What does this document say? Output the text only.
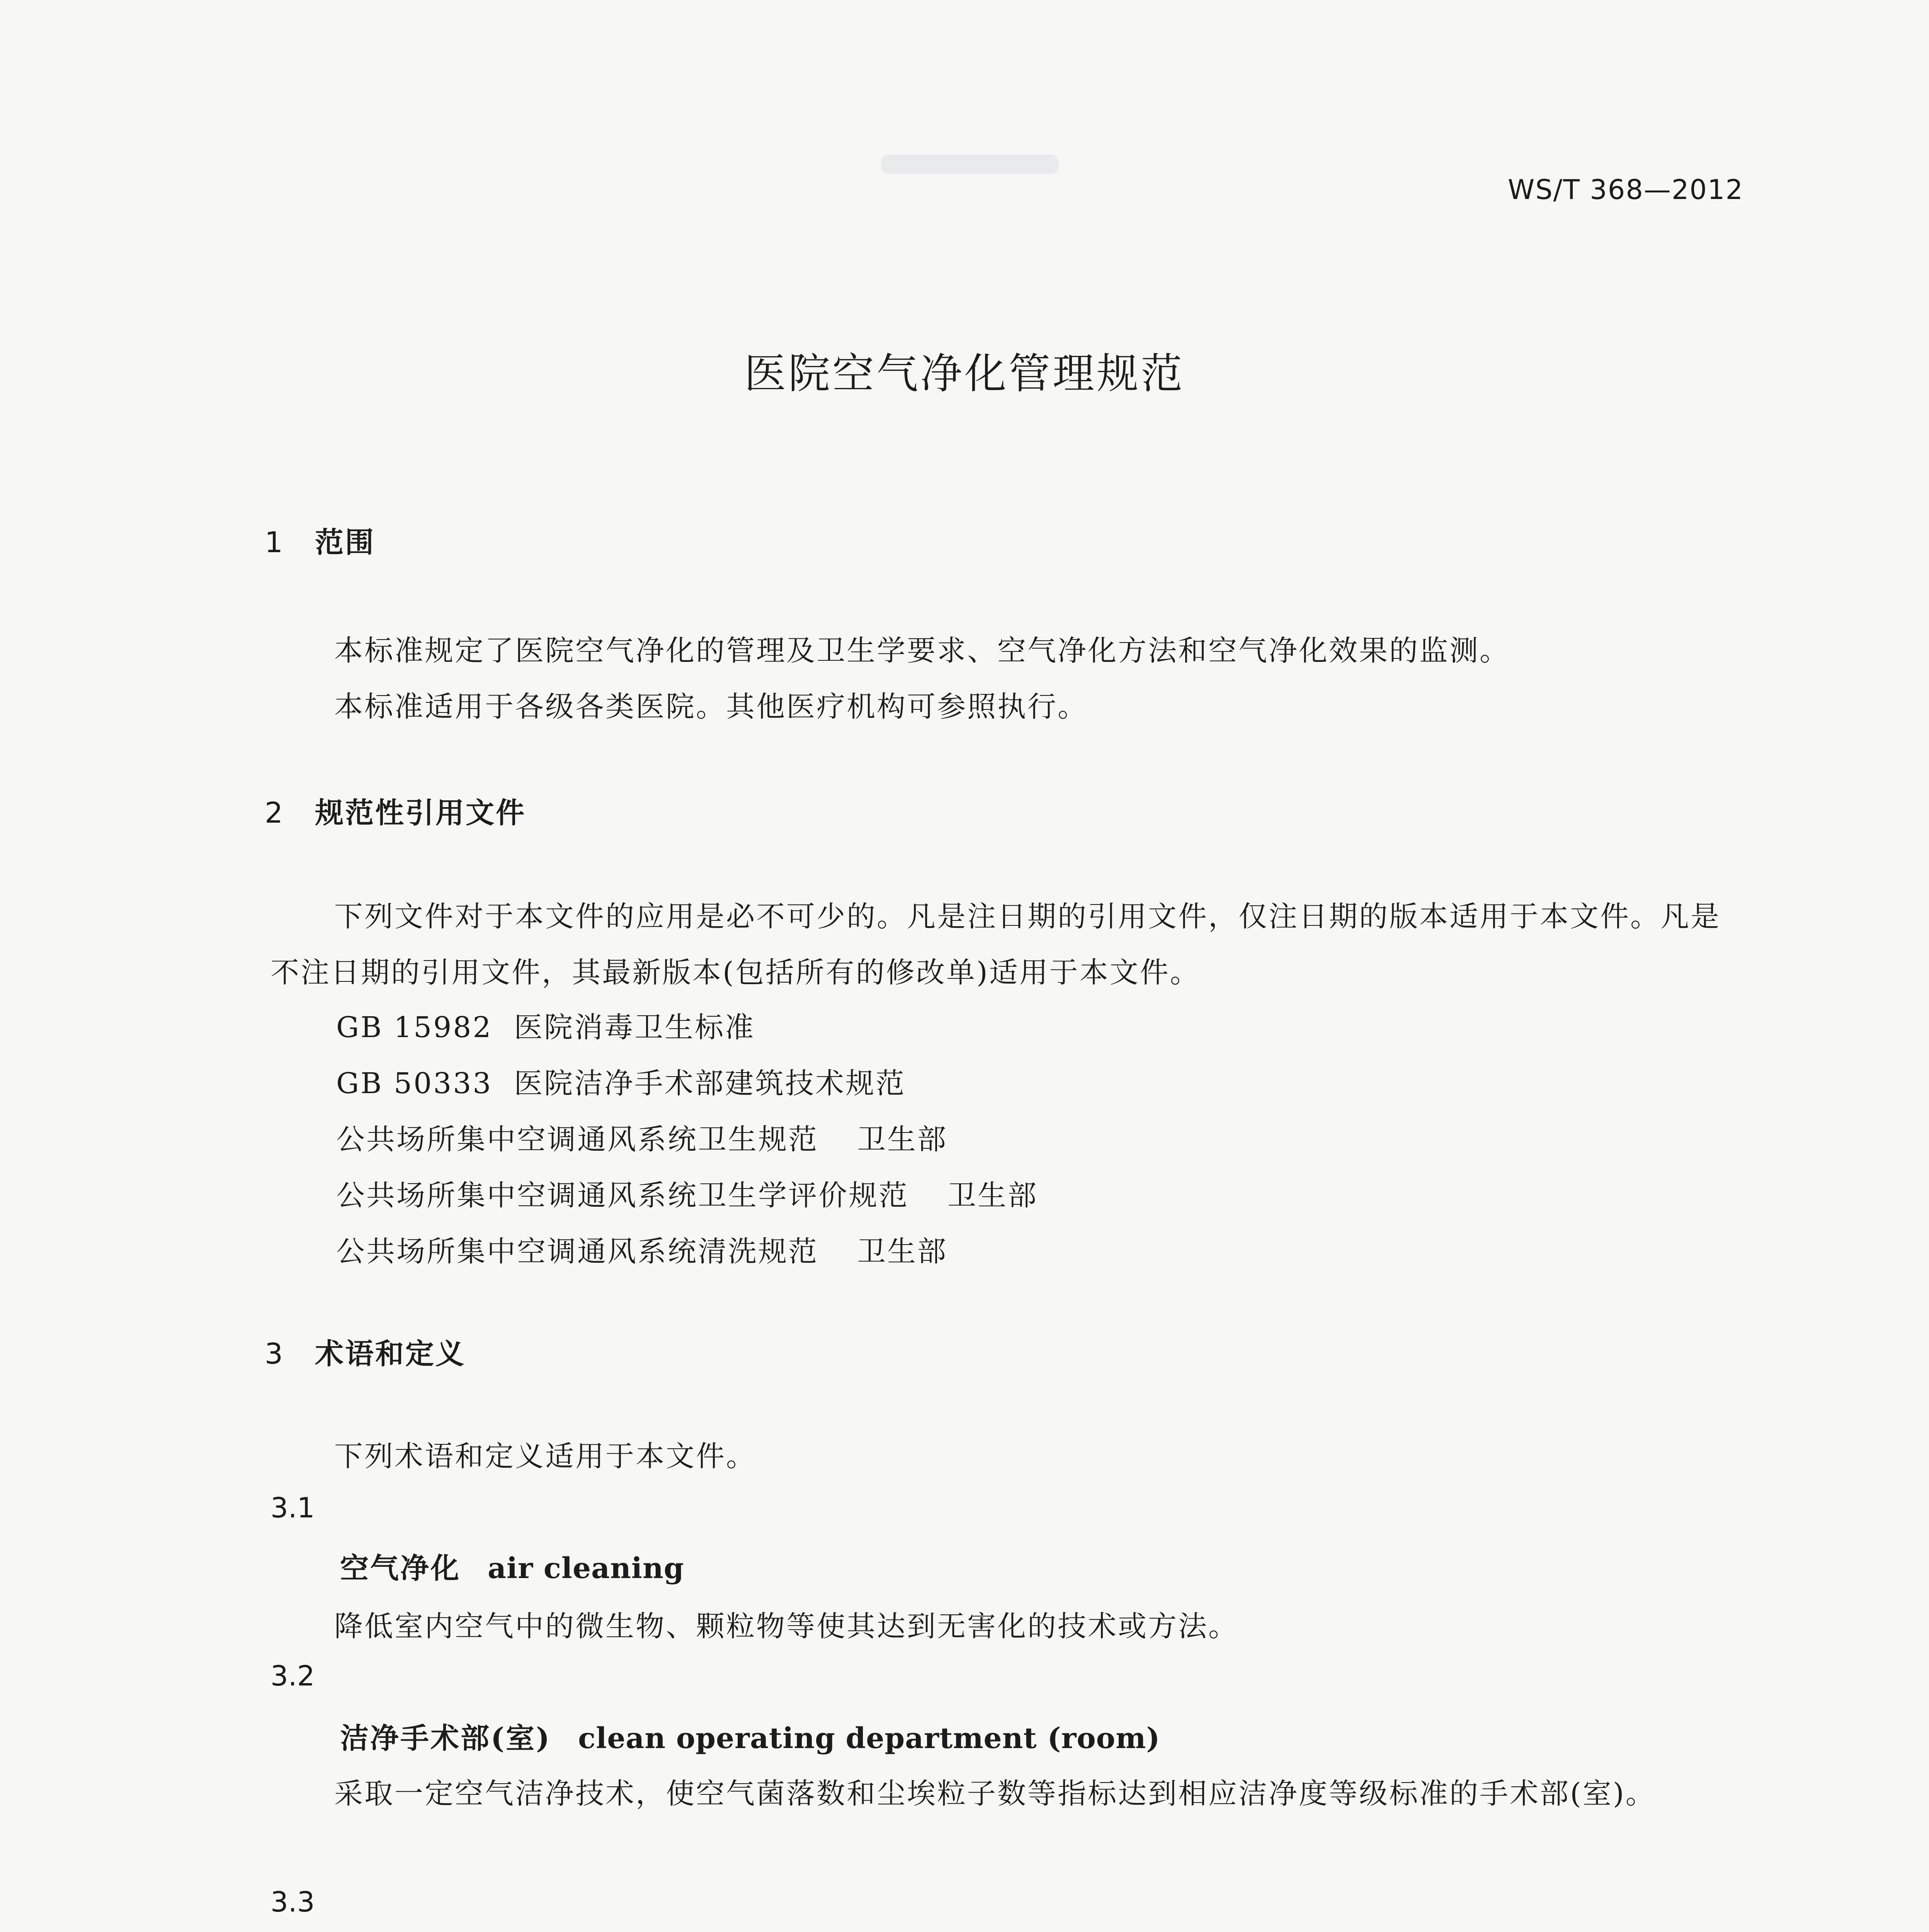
WS/T 368—2012
医院空气净化管理规范
1 范围
本标准规定了医院空气净化的管理及卫生学要求、空气净化方法和空气净化效果的监测。
本标准适用于各级各类医院。其他医疗机构可参照执行。
2 规范性引用文件
下列文件对于本文件的应用是必不可少的。凡是注日期的引用文件，仅注日期的版本适用于本文件。凡是不注日期的引用文件，其最新版本(包括所有的修改单)适用于本文件。
GB 15982 医院消毒卫生标准
GB 50333 医院洁净手术部建筑技术规范
公共场所集中空调通风系统卫生规范 卫生部
公共场所集中空调通风系统卫生学评价规范 卫生部
公共场所集中空调通风系统清洗规范 卫生部
3 术语和定义
下列术语和定义适用于本文件。
3.1
空气净化 air cleaning
降低室内空气中的微生物、颗粒物等使其达到无害化的技术或方法。
3.2
洁净手术部(室) clean operating department (room)
采取一定空气洁净技术，使空气菌落数和尘埃粒子数等指标达到相应洁净度等级标准的手术部(室)。
3.3
